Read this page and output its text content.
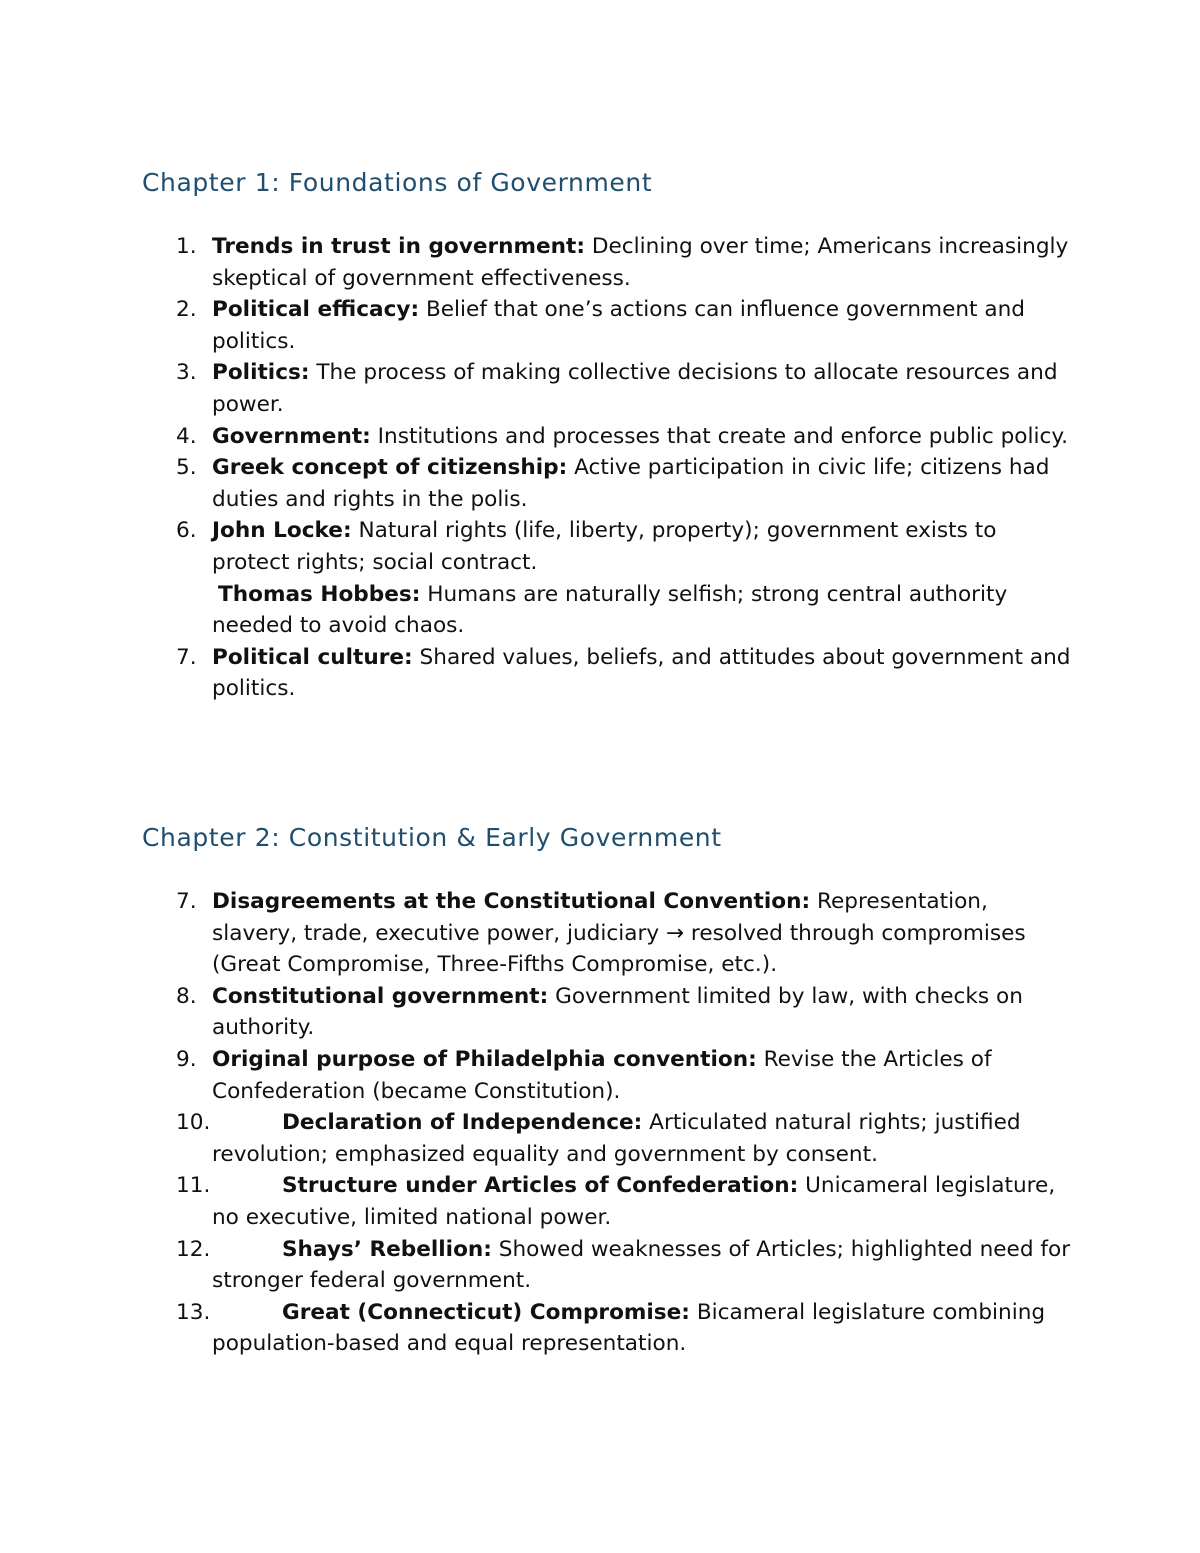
Chapter 1: Foundations of Government
1. Trends in trust in government: Declining over time; Americans increasingly skeptical of government effectiveness.
2. Political efficacy: Belief that one’s actions can influence government and politics.
3. Politics: The process of making collective decisions to allocate resources and power.
4. Government: Institutions and processes that create and enforce public policy.
5. Greek concept of citizenship: Active participation in civic life; citizens had duties and rights in the polis.
6. John Locke: Natural rights (life, liberty, property); government exists to protect rights; social contract.
Thomas Hobbes: Humans are naturally selfish; strong central authority needed to avoid chaos.
7. Political culture: Shared values, beliefs, and attitudes about government and politics.
Chapter 2: Constitution & Early Government
7. Disagreements at the Constitutional Convention: Representation, slavery, trade, executive power, judiciary → resolved through compromises (Great Compromise, Three-Fifths Compromise, etc.).
8. Constitutional government: Government limited by law, with checks on authority.
9. Original purpose of Philadelphia convention: Revise the Articles of Confederation (became Constitution).
10.	Declaration of Independence: Articulated natural rights; justified revolution; emphasized equality and government by consent.
11.	Structure under Articles of Confederation: Unicameral legislature, no executive, limited national power.
12.	Shays’ Rebellion: Showed weaknesses of Articles; highlighted need for stronger federal government.
13.	Great (Connecticut) Compromise: Bicameral legislature combining population-based and equal representation.
